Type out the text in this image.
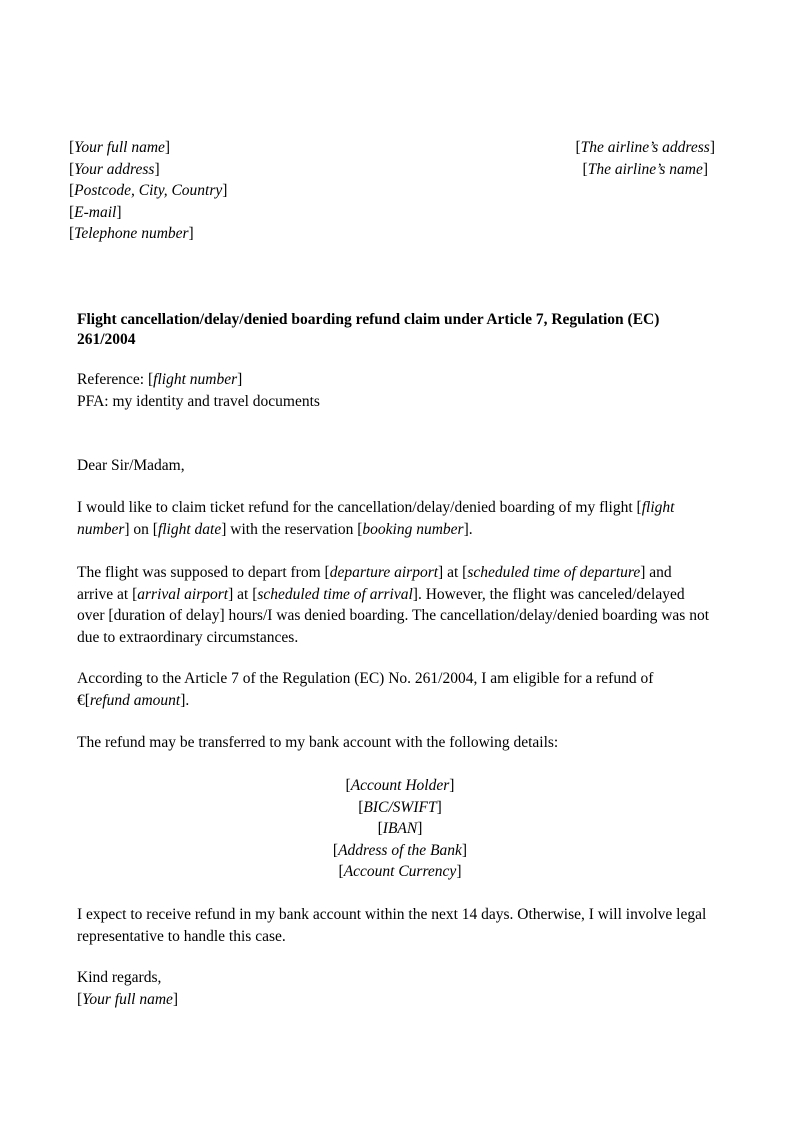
[Your full name]
[Your address]
[Postcode, City, Country]
[E-mail]
[Telephone number]
[The airline’s address]
[The airline’s name]
Flight cancellation/delay/denied boarding refund claim under Article 7, Regulation (EC)
261/2004
Reference: [flight number]
PFA: my identity and travel documents
Dear Sir/Madam,
I would like to claim ticket refund for the cancellation/delay/denied boarding of my flight [flight
number] on [flight date] with the reservation [booking number].
The flight was supposed to depart from [departure airport] at [scheduled time of departure] and
arrive at [arrival airport] at [scheduled time of arrival]. However, the flight was canceled/delayed
over [duration of delay] hours/I was denied boarding. The cancellation/delay/denied boarding was not
due to extraordinary circumstances.
According to the Article 7 of the Regulation (EC) No. 261/2004, I am eligible for a refund of
€[refund amount].
The refund may be transferred to my bank account with the following details:
[Account Holder]
[BIC/SWIFT]
[IBAN]
[Address of the Bank]
[Account Currency]
I expect to receive refund in my bank account within the next 14 days. Otherwise, I will involve legal
representative to handle this case.
Kind regards,
[Your full name]
